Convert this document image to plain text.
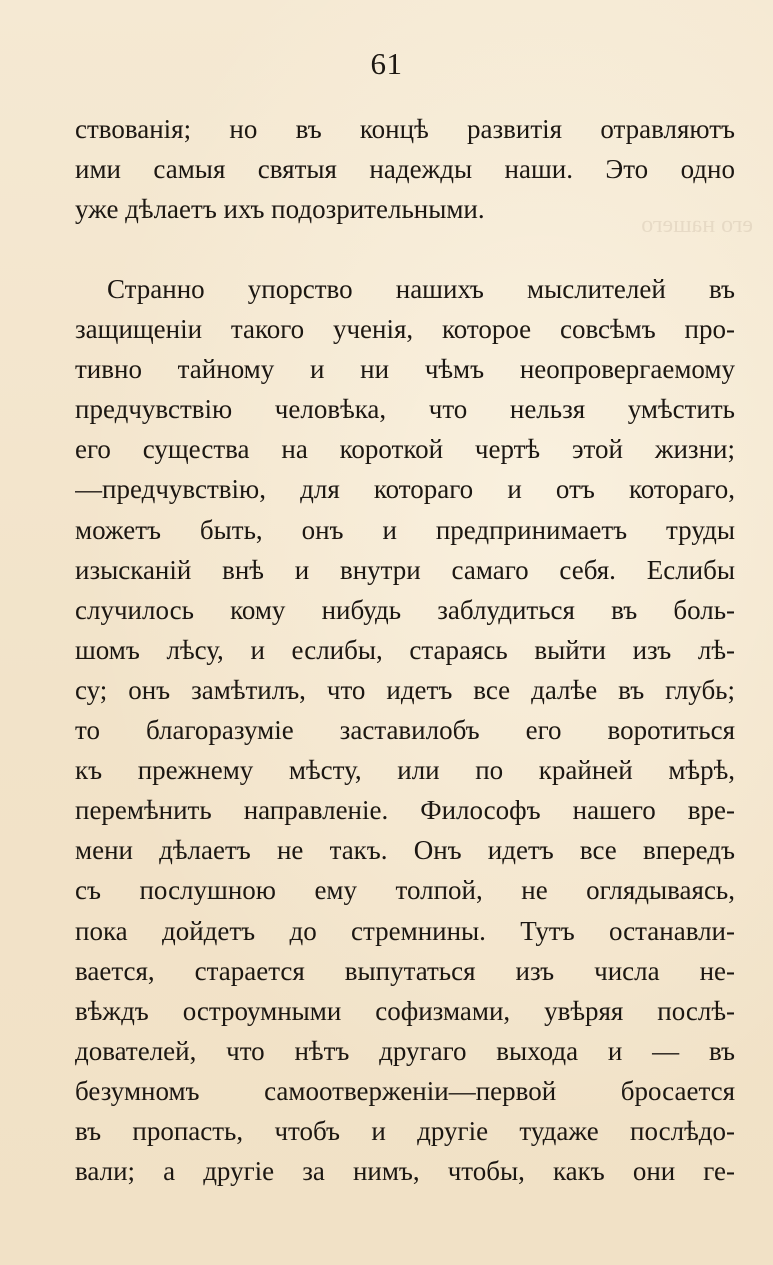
его нашего
61
ствованія; но въ концѣ развитія отравляютъ
ими самыя святыя надежды наши. Это одно
уже дѣлаетъ ихъ подозрительными.
Странно упорство нашихъ мыслителей въ
защищеніи такого ученія, которое совсѣмъ про-
тивно тайному и ни чѣмъ неопровергаемому
предчувствію человѣка, что нельзя умѣстить
его существа на короткой чертѣ этой жизни;
—предчувствію, для котораго и отъ котораго,
можетъ быть, онъ и предпринимаетъ труды
изысканій внѣ и внутри самаго себя. Еслибы
случилось кому нибудь заблудиться въ боль-
шомъ лѣсу, и еслибы, стараясь выйти изъ лѣ-
су; онъ замѣтилъ, что идетъ все далѣе въ глубь;
то благоразуміе заставилобъ его воротиться
къ прежнему мѣсту, или по крайней мѣрѣ,
перемѣнить направленіе. Философъ нашего вре-
мени дѣлаетъ не такъ. Онъ идетъ все впередъ
съ послушною ему толпой, не оглядываясь,
пока дойдетъ до стремнины. Тутъ останавли-
вается, старается выпутаться изъ числа не-
вѣждъ остроумными софизмами, увѣряя послѣ-
дователей, что нѣтъ другаго выхода и — въ
безумномъ самоотверженіи—первой бросается
въ пропасть, чтобъ и другіе тудаже послѣдо-
вали; а другіе за нимъ, чтобы, какъ они ге-
